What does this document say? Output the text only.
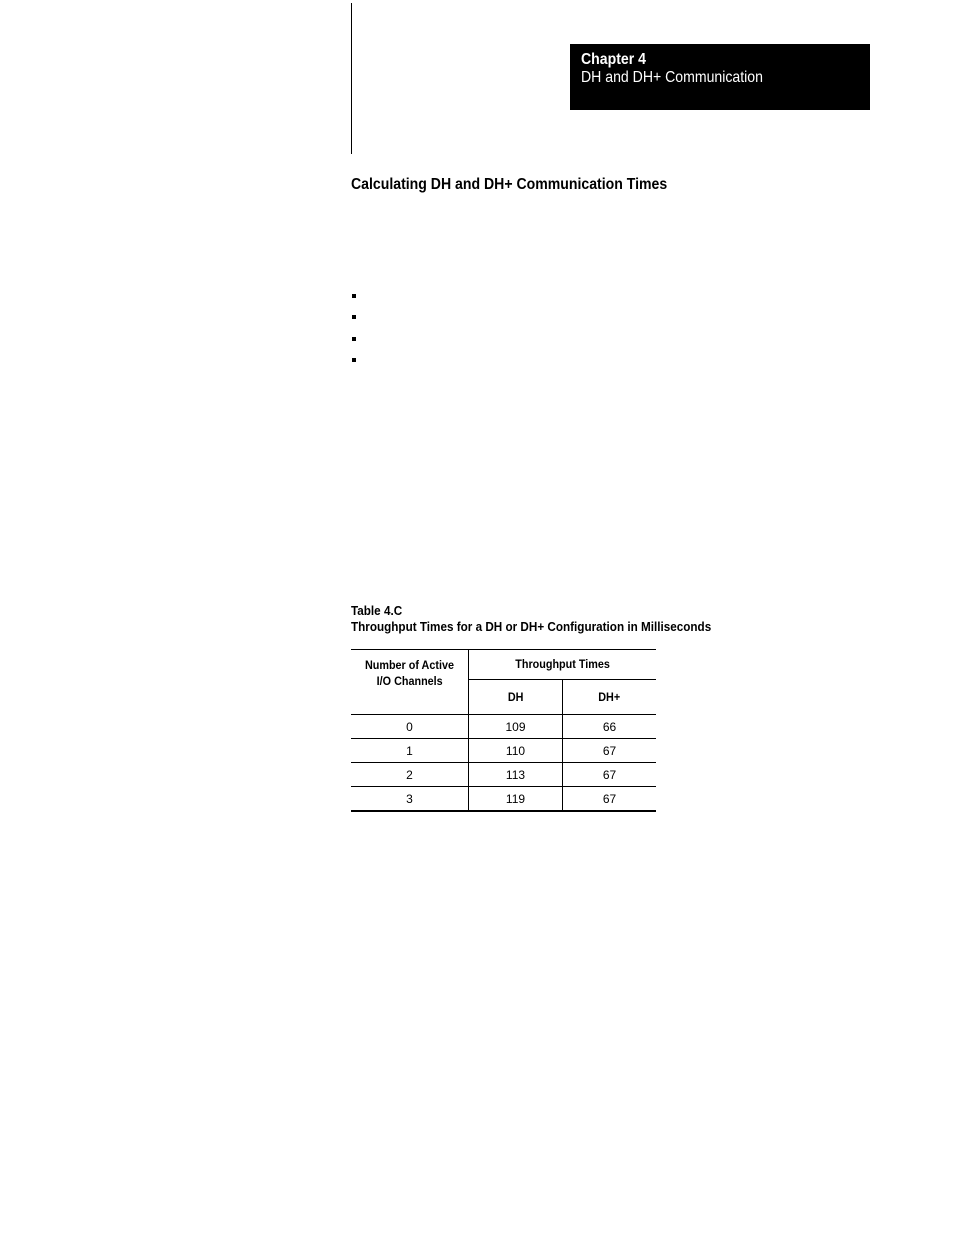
Chapter 4
DH and DH+ Communication
Calculating DH and DH+ Communication Times
Table 4.C
Throughput Times for a DH or DH+ Configuration in Milliseconds
Number of Active
I/O Channels	Throughput Times	
	DH	DH+
0	109	66
1	110	67
2	113	67
3	119	67
